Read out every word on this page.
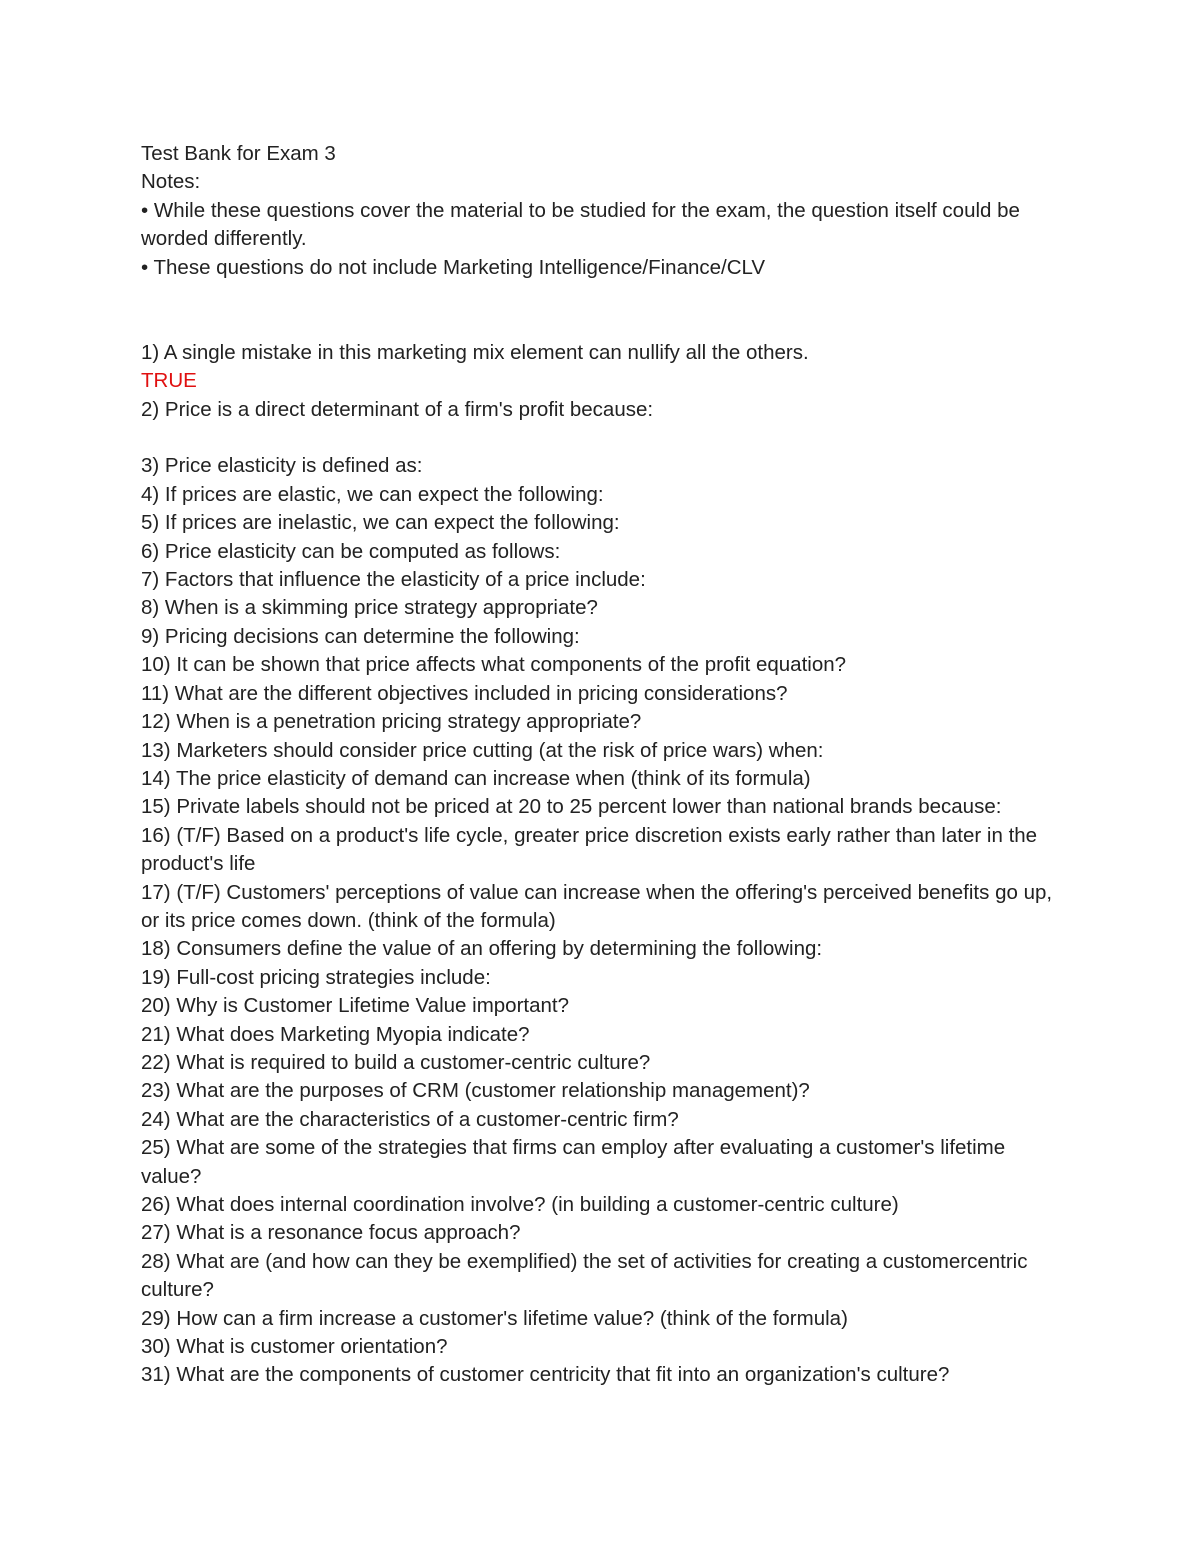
Test Bank for Exam 3
Notes:
• While these questions cover the material to be studied for the exam, the question itself could be worded differently.
• These questions do not include Marketing Intelligence/Finance/CLV
1) A single mistake in this marketing mix element can nullify all the others.
TRUE
2) Price is a direct determinant of a firm's profit because:
3) Price elasticity is defined as:
4) If prices are elastic, we can expect the following:
5) If prices are inelastic, we can expect the following:
6) Price elasticity can be computed as follows:
7) Factors that influence the elasticity of a price include:
8) When is a skimming price strategy appropriate?
9) Pricing decisions can determine the following:
10) It can be shown that price affects what components of the profit equation?
11) What are the different objectives included in pricing considerations?
12) When is a penetration pricing strategy appropriate?
13) Marketers should consider price cutting (at the risk of price wars) when:
14) The price elasticity of demand can increase when (think of its formula)
15) Private labels should not be priced at 20 to 25 percent lower than national brands because:
16) (T/F) Based on a product's life cycle, greater price discretion exists early rather than later in the product's life
17) (T/F) Customers' perceptions of value can increase when the offering's perceived benefits go up, or its price comes down. (think of the formula)
18) Consumers define the value of an offering by determining the following:
19) Full-cost pricing strategies include:
20) Why is Customer Lifetime Value important?
21) What does Marketing Myopia indicate?
22) What is required to build a customer-centric culture?
23) What are the purposes of CRM (customer relationship management)?
24) What are the characteristics of a customer-centric firm?
25) What are some of the strategies that firms can employ after evaluating a customer's lifetime value?
26) What does internal coordination involve? (in building a customer-centric culture)
27) What is a resonance focus approach?
28) What are (and how can they be exemplified) the set of activities for creating a customercentric culture?
29) How can a firm increase a customer's lifetime value? (think of the formula)
30) What is customer orientation?
31) What are the components of customer centricity that fit into an organization's culture?
